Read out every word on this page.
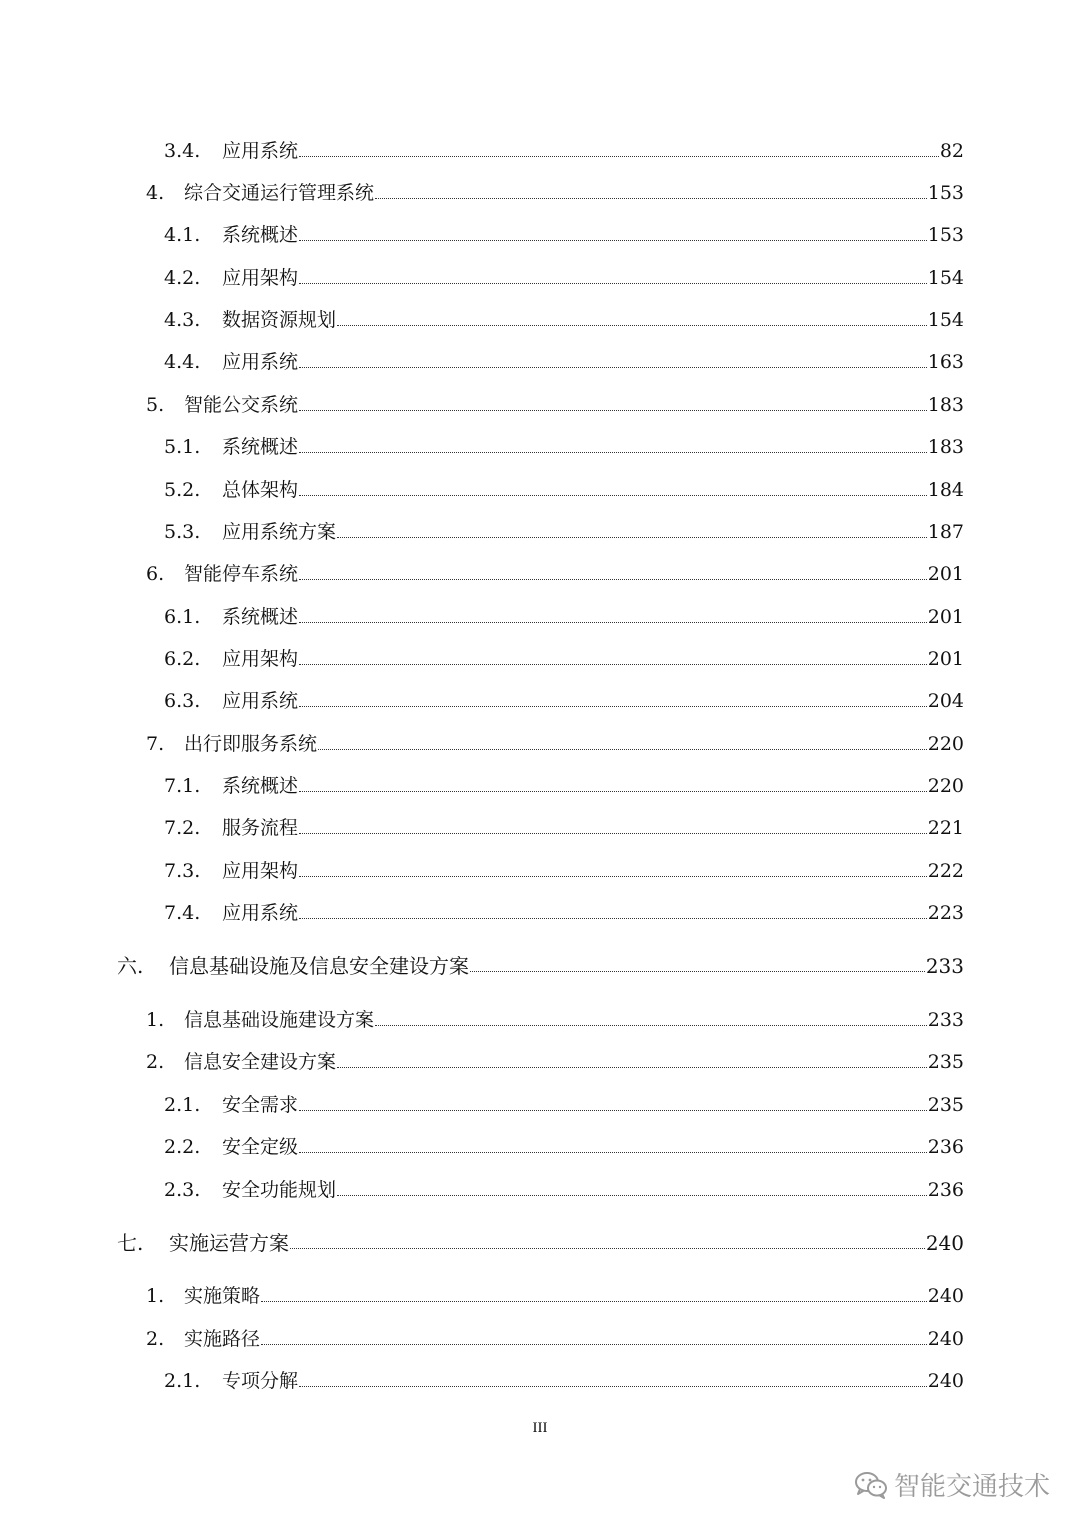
3.4.	应用系统	82
4.	综合交通运行管理系统	153
4.1.	系统概述	153
4.2.	应用架构	154
4.3.	数据资源规划	154
4.4.	应用系统	163
5.	智能公交系统	183
5.1.	系统概述	183
5.2.	总体架构	184
5.3.	应用系统方案	187
6.	智能停车系统	201
6.1.	系统概述	201
6.2.	应用架构	201
6.3.	应用系统	204
7.	出行即服务系统	220
7.1.	系统概述	220
7.2.	服务流程	221
7.3.	应用架构	222
7.4.	应用系统	223
六.	信息基础设施及信息安全建设方案	233
1.	信息基础设施建设方案	233
2.	信息安全建设方案	235
2.1.	安全需求	235
2.2.	安全定级	236
2.3.	安全功能规划	236
七.	实施运营方案	240
1.	实施策略	240
2.	实施路径	240
2.1.	专项分解	240
III
智能交通技术
